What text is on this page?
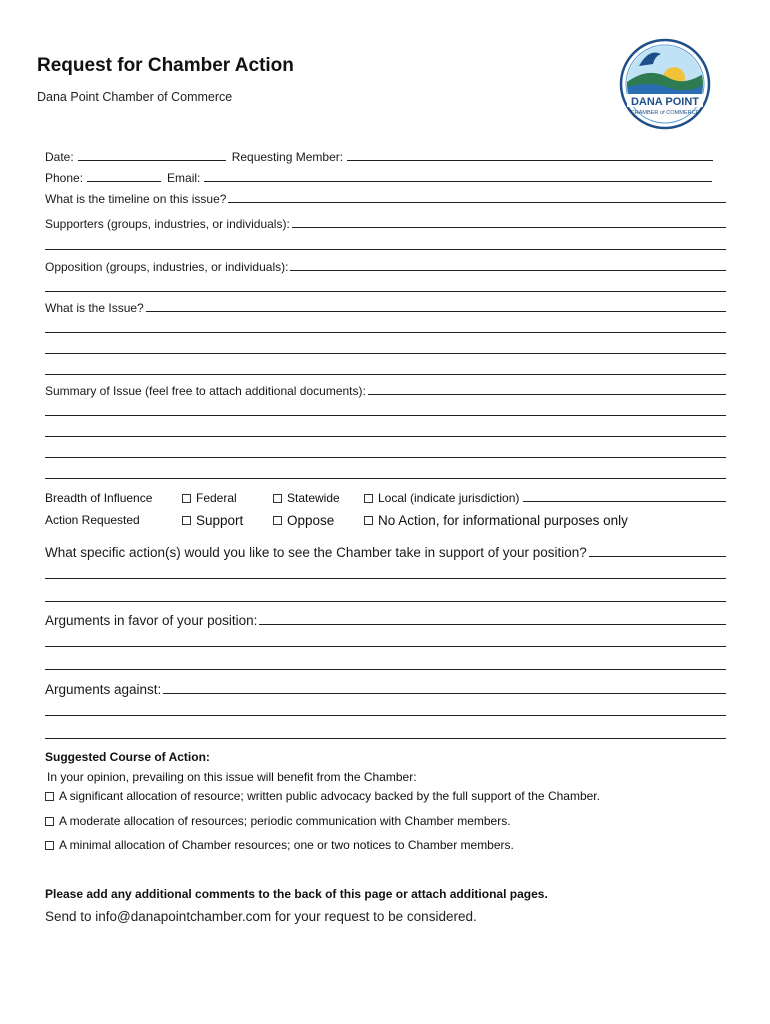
Request for Chamber Action
Dana Point Chamber of Commerce	DANA POINT
CHAMBER of COMMERCE
Date:	Requesting Member:
Phone:	Email:
What is the timeline on this issue?
Supporters (groups, industries, or individuals):
Opposition (groups, industries, or individuals):
What is the Issue?
Summary of Issue (feel free to attach additional documents):
Breadth of Influence	Federal	Statewide	Local (indicate jurisdiction)
Action Requested	Support	Oppose	No Action, for informational purposes only
What specific action(s) would you like to see the Chamber take in support of your position?
Arguments in favor of your position:
Arguments against:
Suggested Course of Action:
In your opinion, prevailing on this issue will benefit from the Chamber:
A significant allocation of resource; written public advocacy backed by the full support of the Chamber.
A moderate allocation of resources; periodic communication with Chamber members.
A minimal allocation of Chamber resources; one or two notices to Chamber members.
Please add any additional comments to the back of this page or attach additional pages.
Send to info@danapointchamber.com for your request to be considered.
